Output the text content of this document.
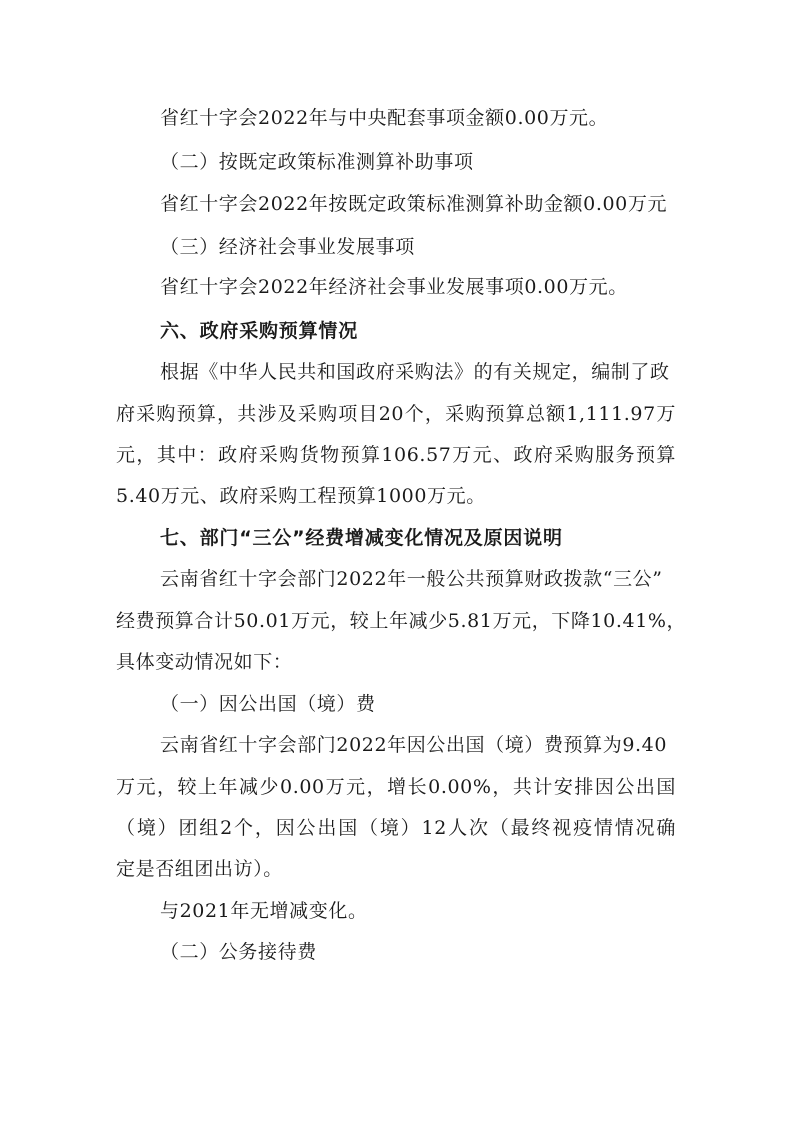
省红十字会2022年与中央配套事项金额0.00万元。
（二）按既定政策标准测算补助事项
省红十字会2022年按既定政策标准测算补助金额0.00万元
（三）经济社会事业发展事项
省红十字会2022年经济社会事业发展事项0.00万元。
六、政府采购预算情况
根据《中华人民共和国政府采购法》的有关规定，编制了政
府采购预算，共涉及采购项目20个，采购预算总额1,111.97万
元，其中：政府采购货物预算106.57万元、政府采购服务预算
5.40万元、政府采购工程预算1000万元。
七、部门“三公”经费增减变化情况及原因说明
云南省红十字会部门2022年一般公共预算财政拨款“三公”
经费预算合计50.01万元，较上年减少5.81万元，下降10.41%，
具体变动情况如下：
（一）因公出国（境）费
云南省红十字会部门2022年因公出国（境）费预算为9.40
万元，较上年减少0.00万元，增长0.00%，共计安排因公出国
（境）团组2个，因公出国（境）12人次（最终视疫情情况确
定是否组团出访）。
与2021年无增减变化。
（二）公务接待费
